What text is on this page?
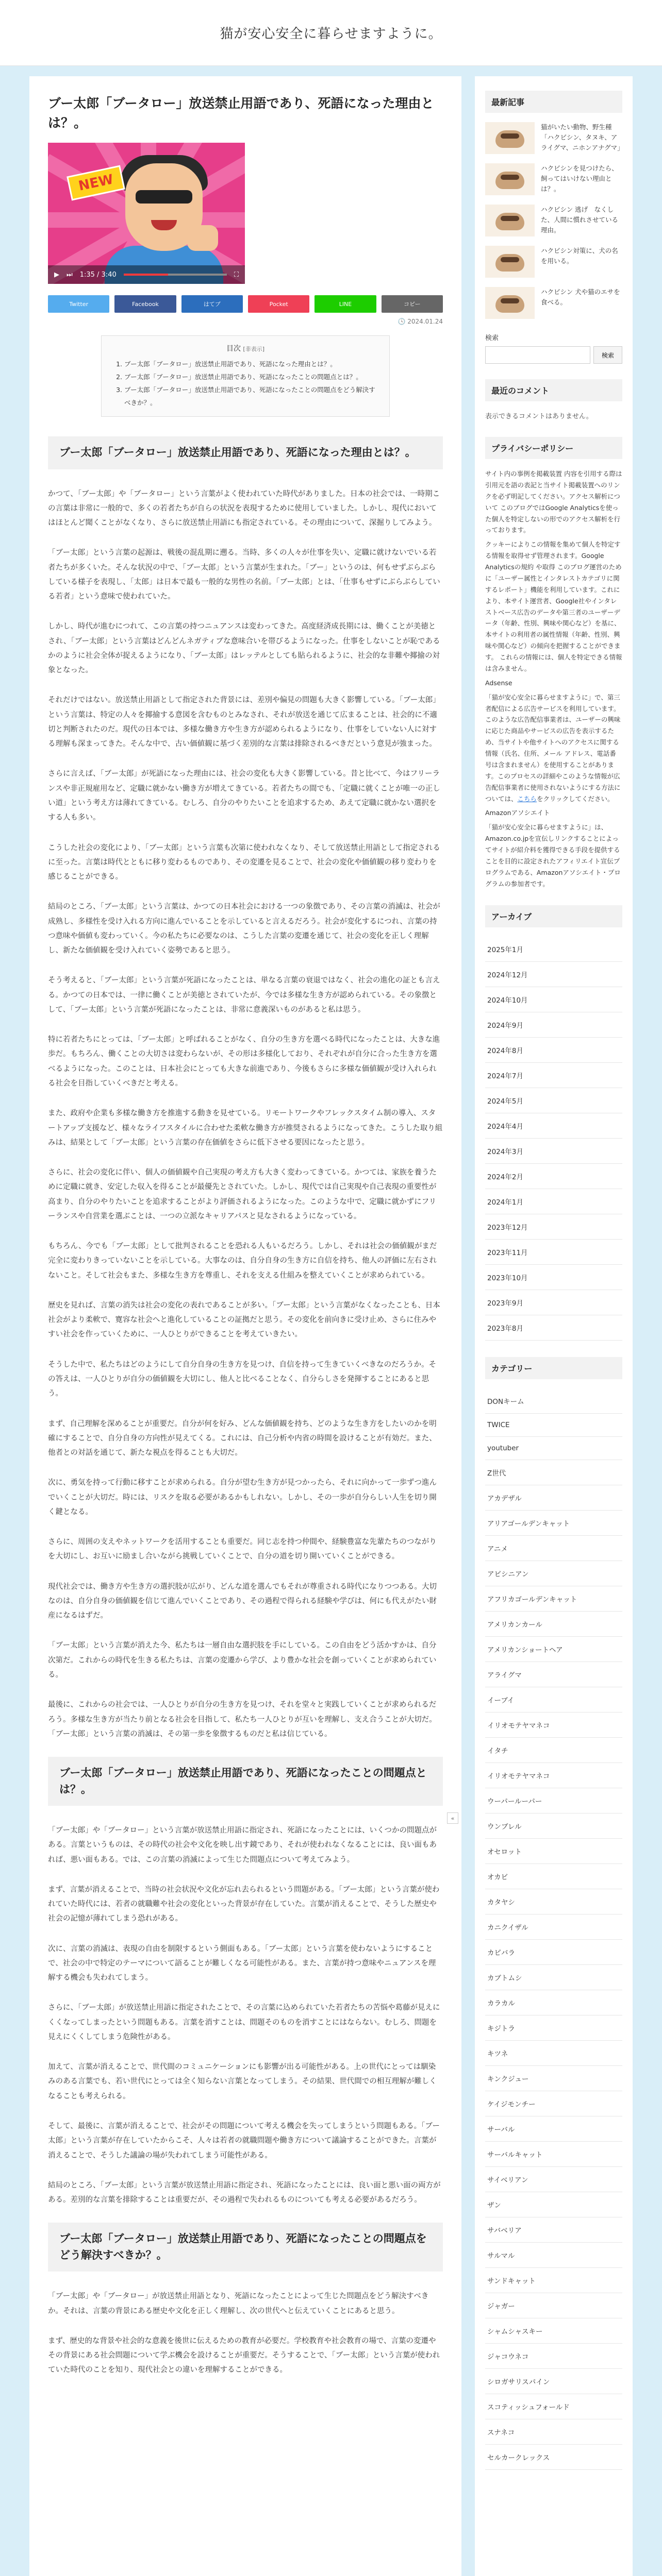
猫が安心安全に暮らせますように。
ブー太郎「ブータロー」放送禁止用語であり、死語になった理由とは？。
NEW
▶ ⏭ 1:35 / 3:40	⛶
Twitter	Facebook	はてブ	Pocket	LINE	コピー
🕓 2024.01.24
目次 [非表示]
1. ブー太郎「ブータロー」放送禁止用語であり、死語になった理由とは？。
2. ブー太郎「ブータロー」放送禁止用語であり、死語になったことの問題点とは？。
3. ブー太郎「ブータロー」放送禁止用語であり、死語になったことの問題点をどう解決すべきか？。
ブー太郎「ブータロー」放送禁止用語であり、死語になった理由とは？。

かつて、「ブー太郎」や「ブータロー」という言葉がよく使われていた時代がありました。日本の社会では、一時期この言葉は非常に一般的で、多くの若者たちが自らの状況を表現するために使用していました。しかし、現代においてはほとんど聞くことがなくなり、さらに放送禁止用語にも指定されている。その理由について、深掘りしてみよう。

「ブー太郎」という言葉の起源は、戦後の混乱期に遡る。当時、多くの人々が仕事を失い、定職に就けないでいる若者たちが多くいた。そんな状況の中で、「ブー太郎」という言葉が生まれた。「ブー」というのは、何もせずぶらぶらしている様子を表現し、「太郎」は日本で最も一般的な男性の名前。「ブー太郎」とは、「仕事もせずにぶらぶらしている若者」という意味で使われていた。

しかし、時代が進むにつれて、この言葉の持つニュアンスは変わってきた。高度経済成長期には、働くことが美徳とされ、「ブー太郎」という言葉はどんどんネガティブな意味合いを帯びるようになった。仕事をしないことが恥であるかのように社会全体が捉えるようになり、「ブー太郎」はレッテルとしても貼られるように、社会的な非難や揶揄の対象となった。

それだけではない。放送禁止用語として指定された背景には、差別や偏見の問題も大きく影響している。「ブー太郎」という言葉は、特定の人々を揶揄する意図を含むものとみなされ、それが放送を通じて広まることは、社会的に不適切と判断されたのだ。現代の日本では、多様な働き方や生き方が認められるようになり、仕事をしていない人に対する理解も深まってきた。そんな中で、古い価値観に基づく差別的な言葉は排除されるべきだという意見が強まった。

さらに言えば、「ブー太郎」が死語になった理由には、社会の変化も大きく影響している。昔と比べて、今はフリーランスや非正規雇用など、定職に就かない働き方が増えてきている。若者たちの間でも、「定職に就くことが唯一の正しい道」という考え方は薄れてきている。むしろ、自分のやりたいことを追求するため、あえて定職に就かない選択をする人も多い。

こうした社会の変化により、「ブー太郎」という言葉も次第に使われなくなり、そして放送禁止用語として指定されるに至った。言葉は時代とともに移り変わるものであり、その変遷を見ることで、社会の変化や価値観の移り変わりを感じることができる。

結局のところ、「ブー太郎」という言葉は、かつての日本社会における一つの象徴であり、その言葉の消滅は、社会が成熟し、多様性を受け入れる方向に進んでいることを示していると言えるだろう。社会が変化するにつれ、言葉の持つ意味や価値も変わっていく。今の私たちに必要なのは、こうした言葉の変遷を通じて、社会の変化を正しく理解し、新たな価値観を受け入れていく姿勢であると思う。

そう考えると、「ブー太郎」という言葉が死語になったことは、単なる言葉の衰退ではなく、社会の進化の証とも言える。かつての日本では、一律に働くことが美徳とされていたが、今では多様な生き方が認められている。その象徴として、「ブー太郎」という言葉が死語になったことは、非常に意義深いものがあると私は思う。

特に若者たちにとっては、「ブー太郎」と呼ばれることがなく、自分の生き方を選べる時代になったことは、大きな進歩だ。もちろん、働くことの大切さは変わらないが、その形は多様化しており、それぞれが自分に合った生き方を選べるようになった。このことは、日本社会にとっても大きな前進であり、今後もさらに多様な価値観が受け入れられる社会を目指していくべきだと考える。

また、政府や企業も多様な働き方を推進する動きを見せている。リモートワークやフレックスタイム制の導入、スタートアップ支援など、様々なライフスタイルに合わせた柔軟な働き方が推奨されるようになってきた。こうした取り組みは、結果として「ブー太郎」という言葉の存在価値をさらに低下させる要因になったと思う。

さらに、社会の変化に伴い、個人の価値観や自己実現の考え方も大きく変わってきている。かつては、家族を養うために定職に就き、安定した収入を得ることが最優先とされていた。しかし、現代では自己実現や自己表現の重要性が高まり、自分のやりたいことを追求することがより評価されるようになった。このような中で、定職に就かずにフリーランスや自営業を選ぶことは、一つの立派なキャリアパスと見なされるようになっている。

もちろん、今でも「ブー太郎」として批判されることを恐れる人もいるだろう。しかし、それは社会の価値観がまだ完全に変わりきっていないことを示している。大事なのは、自分自身の生き方に自信を持ち、他人の評価に左右されないこと。そして社会もまた、多様な生き方を尊重し、それを支える仕組みを整えていくことが求められている。

歴史を見れば、言葉の消失は社会の変化の表れであることが多い。「ブー太郎」という言葉がなくなったことも、日本社会がより柔軟で、寛容な社会へと進化していることの証拠だと思う。その変化を前向きに受け止め、さらに住みやすい社会を作っていくために、一人ひとりができることを考えていきたい。

そうした中で、私たちはどのようにして自分自身の生き方を見つけ、自信を持って生きていくべきなのだろうか。その答えは、一人ひとりが自分の価値観を大切にし、他人と比べることなく、自分らしさを発揮することにあると思う。

まず、自己理解を深めることが重要だ。自分が何を好み、どんな価値観を持ち、どのような生き方をしたいのかを明確にすることで、自分自身の方向性が見えてくる。これには、自己分析や内省の時間を設けることが有効だ。また、他者との対話を通じて、新たな視点を得ることも大切だ。

次に、勇気を持って行動に移すことが求められる。自分が望む生き方が見つかったら、それに向かって一歩ずつ進んでいくことが大切だ。時には、リスクを取る必要があるかもしれない。しかし、その一歩が自分らしい人生を切り開く鍵となる。

さらに、周囲の支えやネットワークを活用することも重要だ。同じ志を持つ仲間や、経験豊富な先輩たちのつながりを大切にし、お互いに励まし合いながら挑戦していくことで、自分の道を切り開いていくことができる。

現代社会では、働き方や生き方の選択肢が広がり、どんな道を選んでもそれが尊重される時代になりつつある。大切なのは、自分自身の価値観を信じて進んでいくことであり、その過程で得られる経験や学びは、何にも代えがたい財産になるはずだ。

「ブー太郎」という言葉が消えた今、私たちは一層自由な選択肢を手にしている。この自由をどう活かすかは、自分次第だ。これからの時代を生きる私たちは、言葉の変遷から学び、より豊かな社会を創っていくことが求められている。

最後に、これからの社会では、一人ひとりが自分の生き方を見つけ、それを堂々と実践していくことが求められるだろう。多様な生き方が当たり前となる社会を目指して、私たち一人ひとりが互いを理解し、支え合うことが大切だ。「ブー太郎」という言葉の消滅は、その第一歩を象徴するものだと私は信じている。

ブー太郎「ブータロー」放送禁止用語であり、死語になったことの問題点とは？。

「ブー太郎」や「ブータロー」という言葉が放送禁止用語に指定され、死語になったことには、いくつかの問題点がある。言葉というものは、その時代の社会や文化を映し出す鏡であり、それが使われなくなることには、良い面もあれば、悪い面もある。では、この言葉の消滅によって生じた問題点について考えてみよう。

まず、言葉が消えることで、当時の社会状況や文化が忘れ去られるという問題がある。「ブー太郎」という言葉が使われていた時代には、若者の就職難や社会の変化といった背景が存在していた。言葉が消えることで、そうした歴史や社会の記憶が薄れてしまう恐れがある。

次に、言葉の消滅は、表現の自由を制限するという側面もある。「ブー太郎」という言葉を使わないようにすることで、社会の中で特定のテーマについて語ることが難しくなる可能性がある。また、言葉が持つ意味やニュアンスを理解する機会も失われてしまう。

さらに、「ブー太郎」が放送禁止用語に指定されたことで、その言葉に込められていた若者たちの苦悩や葛藤が見えにくくなってしまったという問題もある。言葉を消すことは、問題そのものを消すことにはならない。むしろ、問題を見えにくくしてしまう危険性がある。

加えて、言葉が消えることで、世代間のコミュニケーションにも影響が出る可能性がある。上の世代にとっては馴染みのある言葉でも、若い世代にとっては全く知らない言葉となってしまう。その結果、世代間での相互理解が難しくなることも考えられる。

そして、最後に、言葉が消えることで、社会がその問題について考える機会を失ってしまうという問題もある。「ブー太郎」という言葉が存在していたからこそ、人々は若者の就職問題や働き方について議論することができた。言葉が消えることで、そうした議論の場が失われてしまう可能性がある。

結局のところ、「ブー太郎」という言葉が放送禁止用語に指定され、死語になったことには、良い面と悪い面の両方がある。差別的な言葉を排除することは重要だが、その過程で失われるものについても考える必要があるだろう。

ブー太郎「ブータロー」放送禁止用語であり、死語になったことの問題点をどう解決すべきか？。

「ブー太郎」や「ブータロー」が放送禁止用語となり、死語になったことによって生じた問題点をどう解決すべきか。それは、言葉の背景にある歴史や文化を正しく理解し、次の世代へと伝えていくことにあると思う。

まず、歴史的な背景や社会的な意義を後世に伝えるための教育が必要だ。学校教育や社会教育の場で、言葉の変遷やその背景にある社会問題について学ぶ機会を設けることが重要だ。そうすることで、「ブー太郎」という言葉が使われていた時代のことを知り、現代社会との違いを理解することができる。

«
最新記事
猫がいたい動物、野生種「ハクビシン、タヌキ、アライグマ、ニホンアナグマ」
ハクビシンを見つけたら、飼ってはいけない理由とは？。
ハクビシン 逃げ　なくした、人間に慣れさせている理由。
ハクビシン対策に、犬の名を用いる。
ハクビシン 犬や猫のエサを食べる。
検索
検索
最近のコメント
表示できるコメントはありません。
プライバシーポリシー

サイト内の事例を掲載装置 内容を引用する際は引用元を語の表記と当サイト掲載装置へのリンクを必ず明記してください。アクセス解析について このブログではGoogle Analyticsを使った個人を特定しないの形でのアクセス解析を行っております。

クッキーによりこの情報を集めて個人を特定する情報を取得せず管理されます。Google Analyticsの規約 や取得 このブログ運営のために「ユーザー属性とインタレストカテゴリに関するレポート」機能を利用しています。これにより、本サイト運営者、Google社やインタレストベース広告のデータや第三者のユーザーデータ（年齢、性別、興味や関心など）を基に、本サイトの利用者の属性情報（年齢、性別、興味や関心など）の傾向を把握することができます。 これらの情報には、個人を特定できる情報は含みません。

Adsense

「猫が安心安全に暮らせますように」で、第三者配信による広告サービスを利用しています。このような広告配信事業者は、ユーザーの興味に応じた商品やサービスの広告を表示するため、当サイトや他サイトへのアクセスに関する情報（氏名、住所、メール アドレス、電話番号は含まれません）を使用することがあります。このプロセスの詳細やこのような情報が広告配信事業者に使用されないようにする方法については、こちらをクリックしてください。

Amazonアソシエイト

「猫が安心安全に暮らせますように」は、Amazon.co.jpを宣伝しリンクすることによってサイトが紹介料を獲得できる手段を提供することを目的に設定されたアフィリエイト宣伝プログラムである、Amazonアソシエイト・プログラムの参加者です。

アーカイブ
2025年1月
2024年12月
2024年10月
2024年9月
2024年8月
2024年7月
2024年5月
2024年4月
2024年3月
2024年2月
2024年1月
2023年12月
2023年11月
2023年10月
2023年9月
2023年8月
カテゴリー
DONキーム
TWICE
youtuber
Z世代
アカデザル
アリアゴールデンキャット
アニメ
アビシニアン
アフリカゴールデンキャット
アメリカンカール
アメリカンショートヘア
アライグマ
イーブイ
イリオモテヤマネコ
イタチ
イリオモテヤマネコ
ウーパールーパー
ウンブレル
オセロット
オカビ
カタヤシ
カニクイザル
カピバラ
カブトムシ
カラカル
キジトラ
キツネ
キンクジュー
ケイジモンチー
サーバル
サーバルキャット
サイベリアン
ザン
サバベリア
サルマル
サンドキャット
ジャガー
シャムシャスキー
ジャコウネコ
シロガサリスパイン
スコティッシュフォールド
スナネコ
セルカークレックス
